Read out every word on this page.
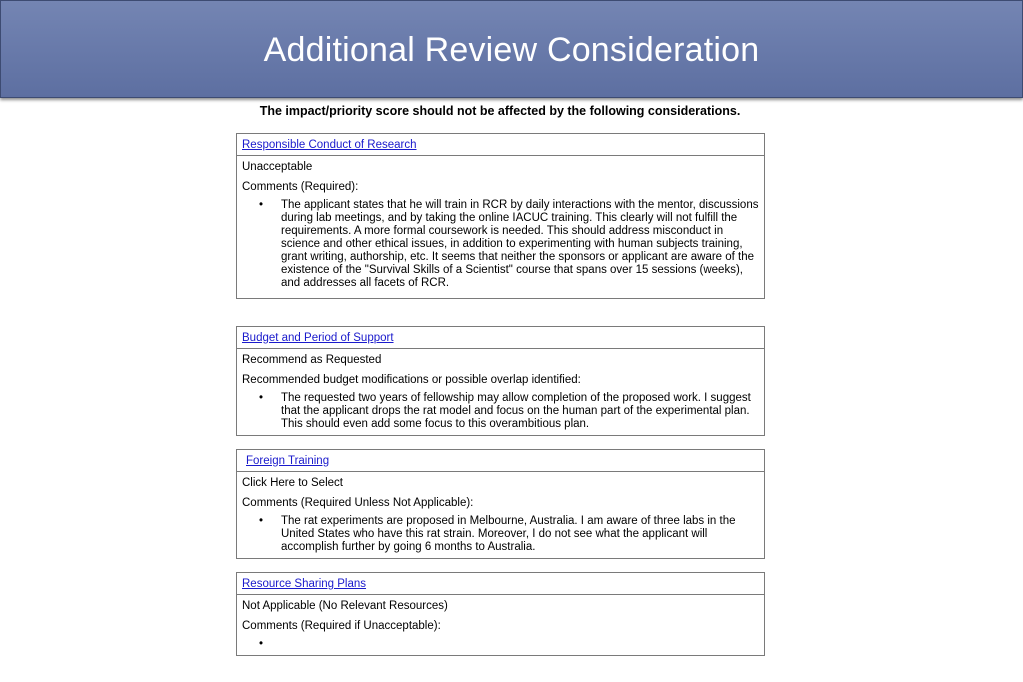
Additional Review Consideration
The impact/priority score should not be affected by the following considerations.
Responsible Conduct of Research
Unacceptable
Comments (Required):
•	The applicant states that he will train in RCR by daily interactions with the mentor, discussions during lab meetings, and by taking the online IACUC training. This clearly will not fulfill the requirements. A more formal coursework is needed. This should address misconduct in science and other ethical issues, in addition to experimenting with human subjects training, grant writing, authorship, etc. It seems that neither the sponsors or applicant are aware of the existence of the "Survival Skills of a Scientist" course that spans over 15 sessions (weeks), and addresses all facets of RCR.
Budget and Period of Support
Recommend as Requested
Recommended budget modifications or possible overlap identified:
•	The requested two years of fellowship may allow completion of the proposed work. I suggest that the applicant drops the rat model and focus on the human part of the experimental plan. This should even add some focus to this overambitious plan.
Foreign Training
Click Here to Select
Comments (Required Unless Not Applicable):
•	The rat experiments are proposed in Melbourne, Australia. I am aware of three labs in the United States who have this rat strain. Moreover, I do not see what the applicant will accomplish further by going 6 months to Australia.
Resource Sharing Plans
Not Applicable (No Relevant Resources)
Comments (Required if Unacceptable):
•
